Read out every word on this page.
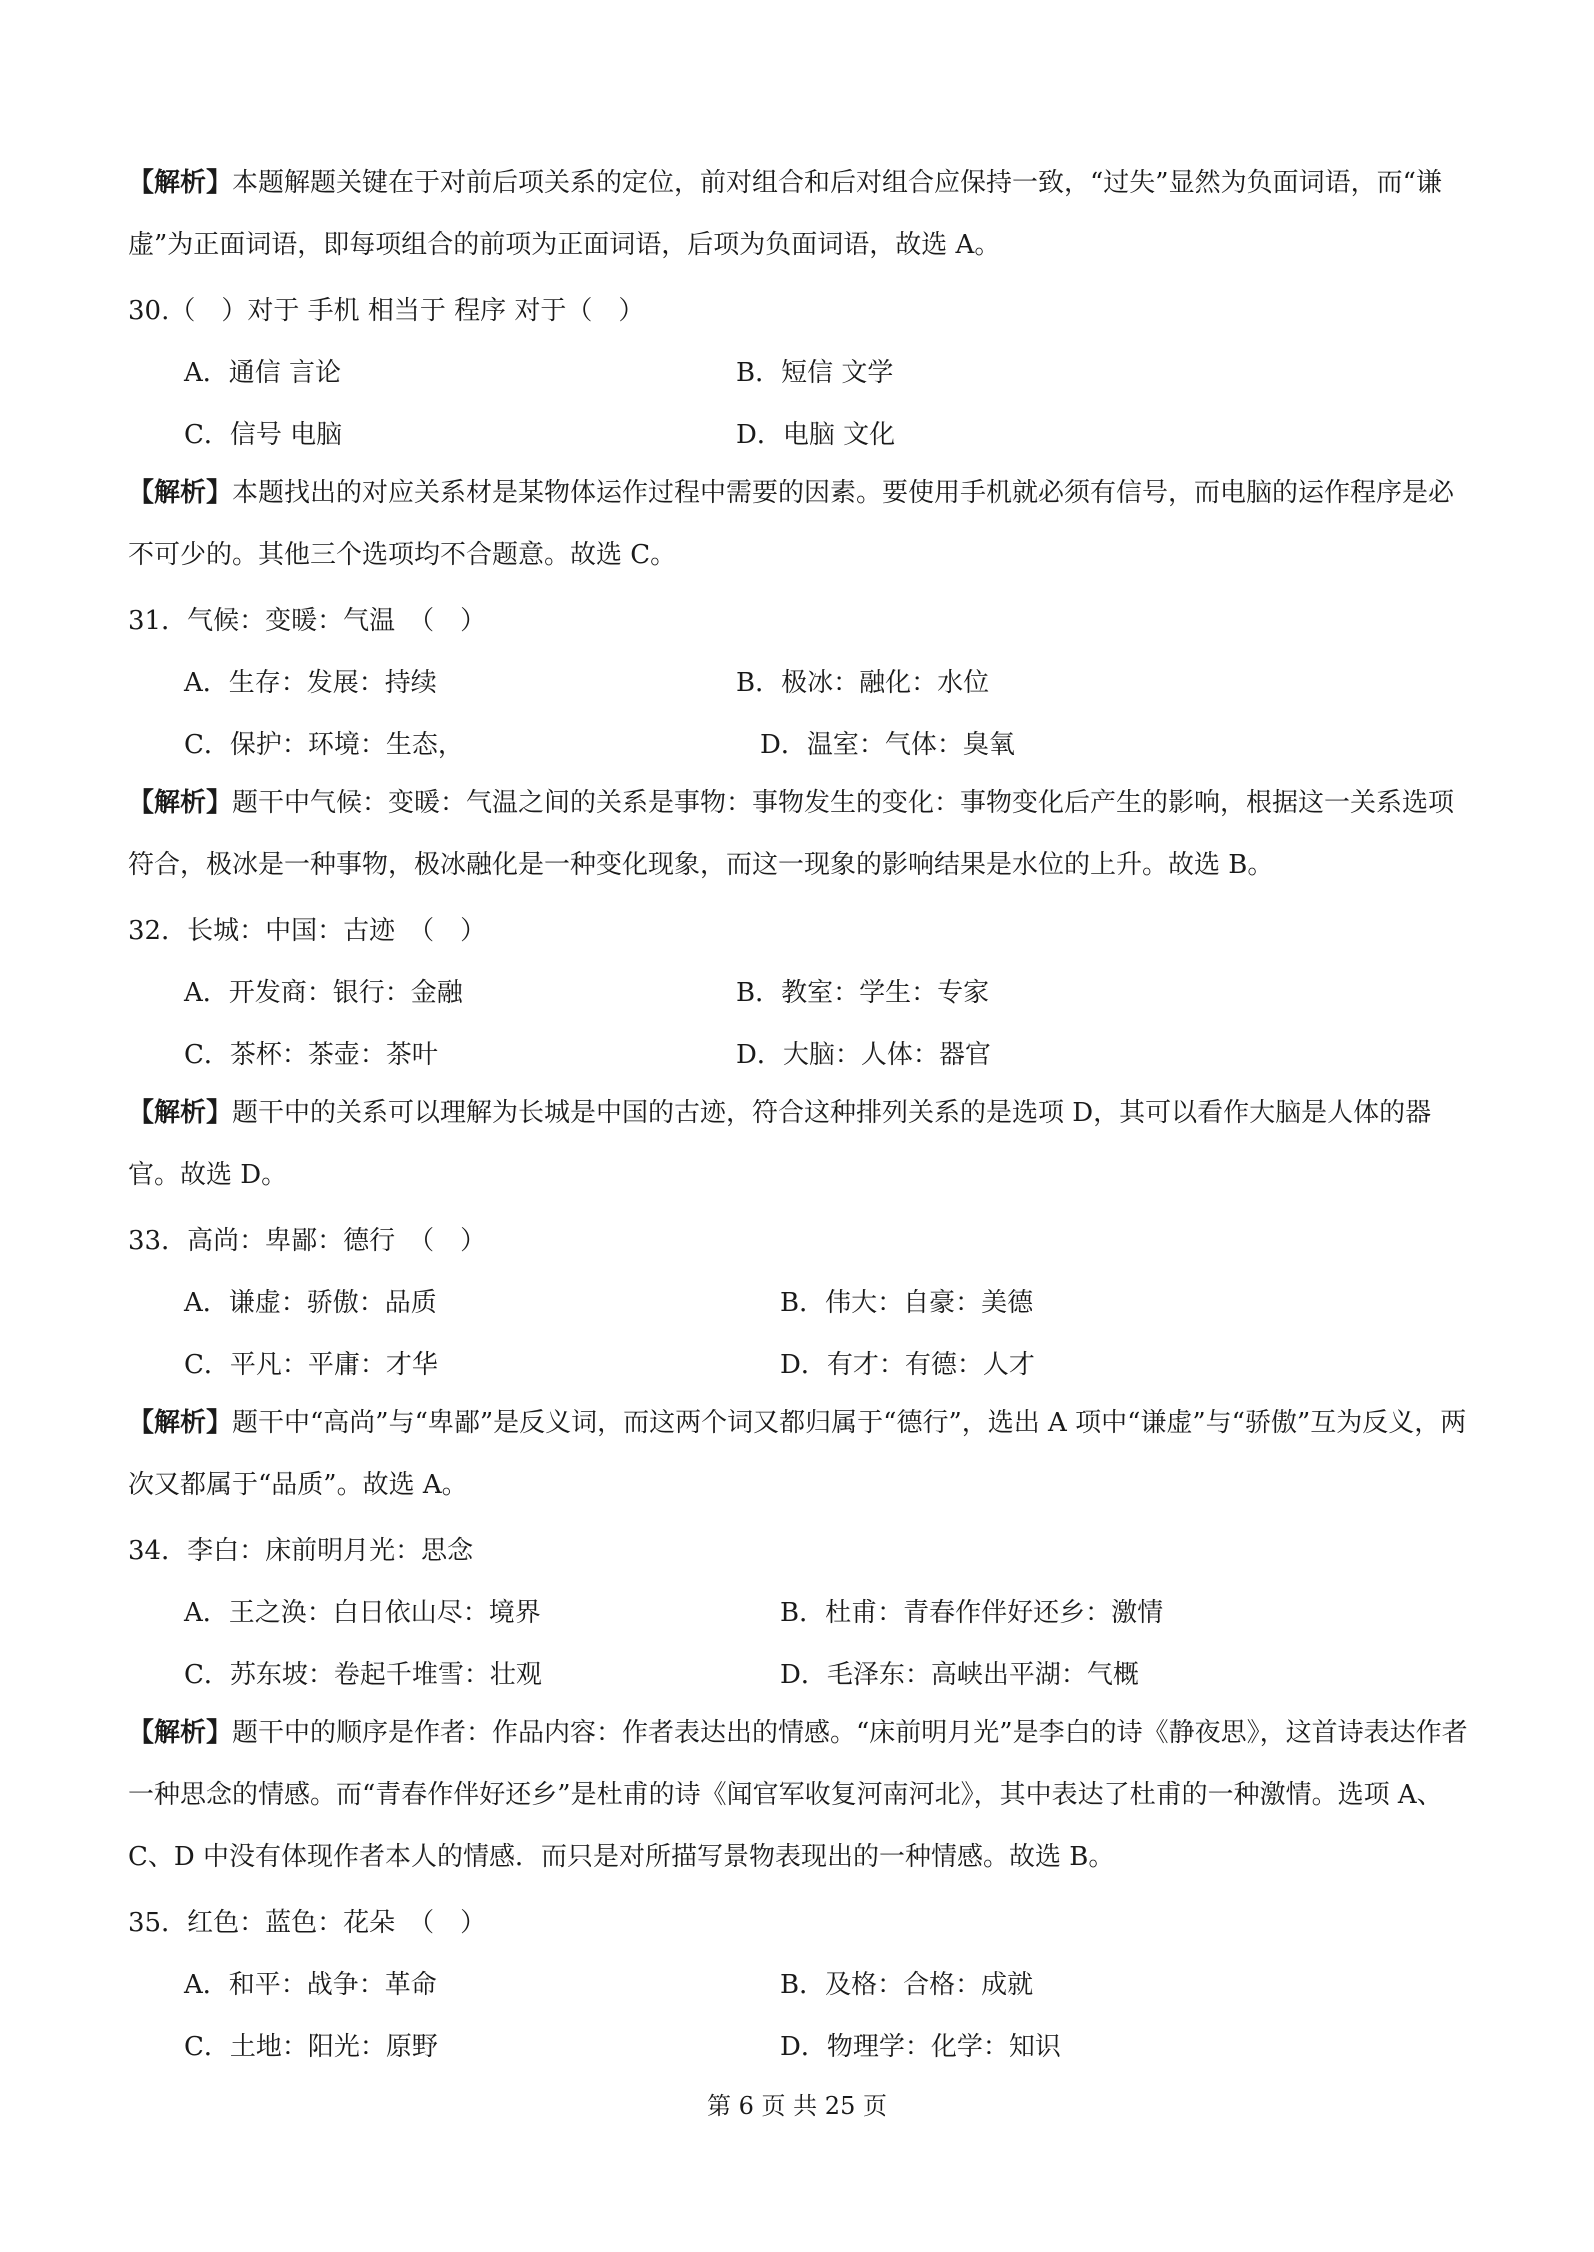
【解析】本题解题关键在于对前后项关系的定位，前对组合和后对组合应保持一致，“过失”显然为负面词语，而“谦虚”为正面词语，即每项组合的前项为正面词语，后项为负面词语，故选 A。
30.（　）对于 手机 相当于 程序 对于（　）
A．通信 言论	B．短信 文学
C．信号 电脑	D．电脑 文化
【解析】本题找出的对应关系材是某物体运作过程中需要的因素。要使用手机就必须有信号，而电脑的运作程序是必不可少的。其他三个选项均不合题意。故选 C。
31．气候：变暖：气温　（　）
A．生存：发展：持续	B．极冰：融化：水位
C．保护：环境：生态，	D．温室：气体：臭氧
【解析】题干中气候：变暖：气温之间的关系是事物：事物发生的变化：事物变化后产生的影响，根据这一关系选项符合，极冰是一种事物，极冰融化是一种变化现象，而这一现象的影响结果是水位的上升。故选 B。
32．长城：中国：古迹　（　）
A．开发商：银行：金融	B．教室：学生：专家
C．茶杯：茶壶：茶叶	D．大脑：人体：器官
【解析】题干中的关系可以理解为长城是中国的古迹，符合这种排列关系的是选项 D，其可以看作大脑是人体的器官。故选 D。
33．高尚：卑鄙：德行　（　）
A．谦虚：骄傲：品质	B．伟大：自豪：美德
C．平凡：平庸：才华	D．有才：有德：人才
【解析】题干中“高尚”与“卑鄙”是反义词，而这两个词又都归属于“德行”，选出 A 项中“谦虚”与“骄傲”互为反义，两次又都属于“品质”。故选 A。
34．李白：床前明月光：思念
A．王之涣：白日依山尽：境界	B．杜甫：青春作伴好还乡：激情
C．苏东坡：卷起千堆雪：壮观	D．毛泽东：高峡出平湖：气概
【解析】题干中的顺序是作者：作品内容：作者表达出的情感。“床前明月光”是李白的诗《静夜思》，这首诗表达作者一种思念的情感。而“青春作伴好还乡”是杜甫的诗《闻官军收复河南河北》，其中表达了杜甫的一种激情。选项 A、C、D 中没有体现作者本人的情感．而只是对所描写景物表现出的一种情感。故选 B。
35．红色：蓝色：花朵　（　）
A．和平：战争：革命	B．及格：合格：成就
C．土地：阳光：原野	D．物理学：化学：知识
第 6 页 共 25 页
